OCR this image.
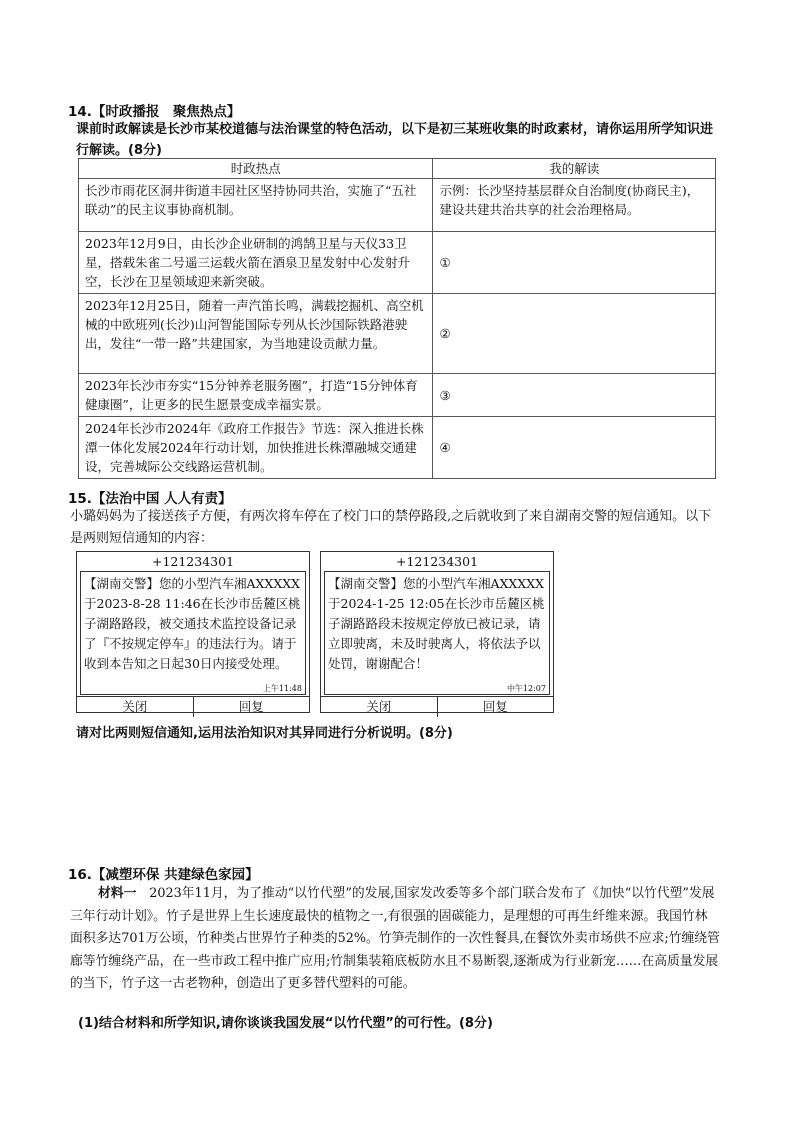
14.【时政播报　聚焦热点】
课前时政解读是长沙市某校道德与法治课堂的特色活动，以下是初三某班收集的时政素材，请你运用所学知识进行解读。(8分)
时政热点	我的解读
长沙市雨花区洞井街道丰园社区坚持协同共治，实施了“五社联动”的民主议事协商机制。	示例：长沙坚持基层群众自治制度(协商民主)，建设共建共治共享的社会治理格局。
2023年12月9日，由长沙企业研制的鸿鹄卫星与天仪33卫星，搭载朱雀二号遥三运载火箭在酒泉卫星发射中心发射升空，长沙在卫星领域迎来新突破。	①
2023年12月25日，随着一声汽笛长鸣，满载挖掘机、高空机械的中欧班列(长沙)山河智能国际专列从长沙国际铁路港驶出，发往“一带一路”共建国家，为当地建设贡献力量。	②
2023年长沙市夯实“15分钟养老服务圈”，打造“15分钟体育健康圈”，让更多的民生愿景变成幸福实景。	③
2024年长沙市2024年《政府工作报告》节选：深入推进长株潭一体化发展2024年行动计划，加快推进长株潭融城交通建设，完善城际公交线路运营机制。	④
15.【法治中国 人人有责】
小璐妈妈为了接送孩子方便，有两次将车停在了校门口的禁停路段,之后就收到了来自湖南交警的短信通知。以下是两则短信通知的内容：
+121234301
【湖南交警】您的小型汽车湘AXXXXX于2023-8-28 11:46在长沙市岳麓区桃子湖路路段，被交通技术监控设备记录了『不按规定停车』的违法行为。请于收到本告知之日起30日内接受处理。
上午11:48
关闭	回复
+121234301
【湖南交警】您的小型汽车湘AXXXXX于2024-1-25 12:05在长沙市岳麓区桃子湖路路段未按规定停放已被记录，请立即驶离，未及时驶离人，将依法予以处罚，谢谢配合！
中午12:07
关闭	回复
请对比两则短信通知,运用法治知识对其异同进行分析说明。(8分)
16.【减塑环保 共建绿色家园】
材料一　 2023年11月，为了推动“以竹代塑”的发展,国家发改委等多个部门联合发布了《加快“以竹代塑”发展三年行动计划》。竹子是世界上生长速度最快的植物之一,有很强的固碳能力，是理想的可再生纤维来源。我国竹林面积多达701万公顷，竹种类占世界竹子种类的52%。竹笋壳制作的一次性餐具,在餐饮外卖市场供不应求;竹缠绕管廊等竹缠绕产品，在一些市政工程中推广应用;竹制集装箱底板防水且不易断裂,逐渐成为行业新宠……在高质量发展的当下，竹子这一古老物种，创造出了更多替代塑料的可能。
(1)结合材料和所学知识,请你谈谈我国发展“以竹代塑”的可行性。(8分)
